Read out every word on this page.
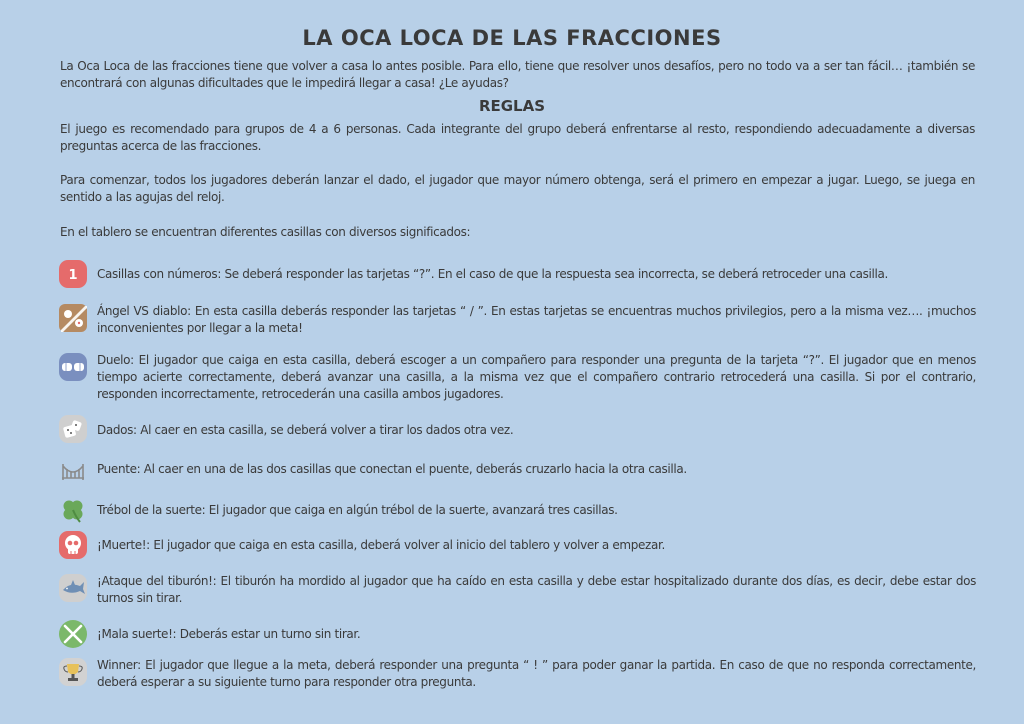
LA OCA LOCA DE LAS FRACCIONES
La Oca Loca de las fracciones tiene que volver a casa lo antes posible. Para ello, tiene que resolver unos desafíos, pero no todo va a ser tan fácil… ¡también se encontrará con algunas dificultades que le impedirá llegar a casa! ¿Le ayudas?
REGLAS
El juego es recomendado para grupos de 4 a 6 personas. Cada integrante del grupo deberá enfrentarse al resto, respondiendo adecuadamente a diversas preguntas acerca de las fracciones.
Para comenzar, todos los jugadores deberán lanzar el dado, el jugador que mayor número obtenga, será el primero en empezar a jugar. Luego, se juega en sentido a las agujas del reloj.
En el tablero se encuentran diferentes casillas con diversos significados:
1 Casillas con números: Se deberá responder las tarjetas “?”. En el caso de que la respuesta sea incorrecta, se deberá retroceder una casilla.
Ángel VS diablo: En esta casilla deberás responder las tarjetas “ / ”. En estas tarjetas se encuentras muchos privilegios, pero a la misma vez…. ¡muchos inconvenientes por llegar a la meta!
Duelo: El jugador que caiga en esta casilla, deberá escoger a un compañero para responder una pregunta de la tarjeta “?”. El jugador que en menos tiempo acierte correctamente, deberá avanzar una casilla, a la misma vez que el compañero contrario retrocederá una casilla. Si por el contrario, responden incorrectamente, retrocederán una casilla ambos jugadores.
Dados: Al caer en esta casilla, se deberá volver a tirar los dados otra vez.
Puente: Al caer en una de las dos casillas que conectan el puente, deberás cruzarlo hacia la otra casilla.
Trébol de la suerte: El jugador que caiga en algún trébol de la suerte, avanzará tres casillas.
¡Muerte!: El jugador que caiga en esta casilla, deberá volver al inicio del tablero y volver a empezar.
¡Ataque del tiburón!: El tiburón ha mordido al jugador que ha caído en esta casilla y debe estar hospitalizado durante dos días, es decir, debe estar dos turnos sin tirar.
¡Mala suerte!: Deberás estar un turno sin tirar.
Winner: El jugador que llegue a la meta, deberá responder una pregunta “ ! ” para poder ganar la partida. En caso de que no responda correctamente, deberá esperar a su siguiente turno para responder otra pregunta.
